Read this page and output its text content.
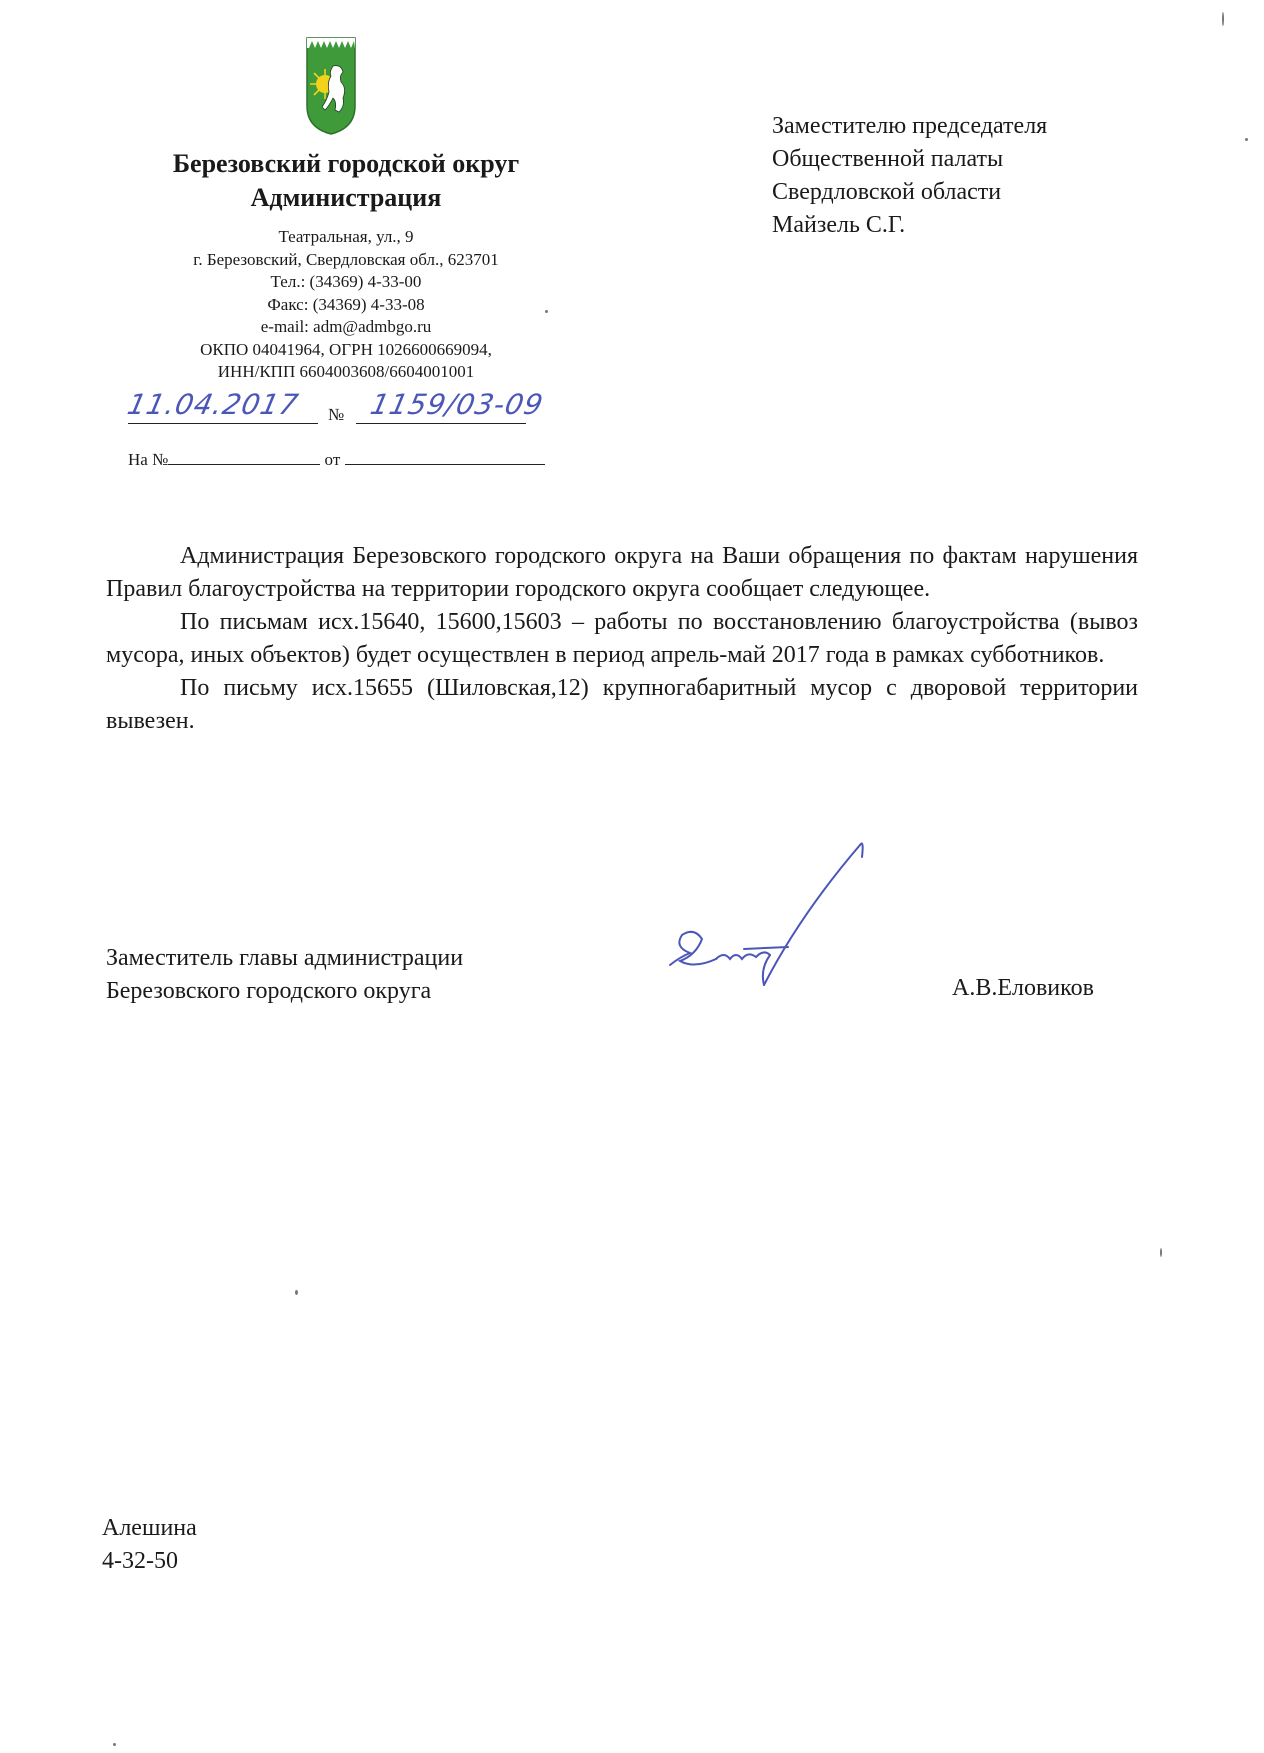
Березовский городской округ
Администрация
Театральная, ул., 9
г. Березовский, Свердловская обл., 623701
Тел.: (34369) 4-33-00
Факс: (34369) 4-33-08
e-mail: adm@admbgo.ru
ОКПО 04041964, ОГРН 1026600669094,
ИНН/КПП 6604003608/6604001001
11.04.2017 № 1159/03-09
На №	от
Заместителю председателя
Общественной палаты
Свердловской области
Майзель С.Г.

Администрация Березовского городского округа на Ваши обращения по фактам нарушения Правил благоустройства на территории городского округа сообщает следующее.

По письмам исх.15640, 15600,15603 – работы по восстановлению благоустройства (вывоз мусора, иных объектов) будет осуществлен в период апрель-май 2017 года в рамках субботников.

По письму исх.15655 (Шиловская,12) крупногабаритный мусор с дворовой территории вывезен.

Заместитель главы администрации
Березовского городского округа	А.В.Еловиков
Алешина
4-32-50
